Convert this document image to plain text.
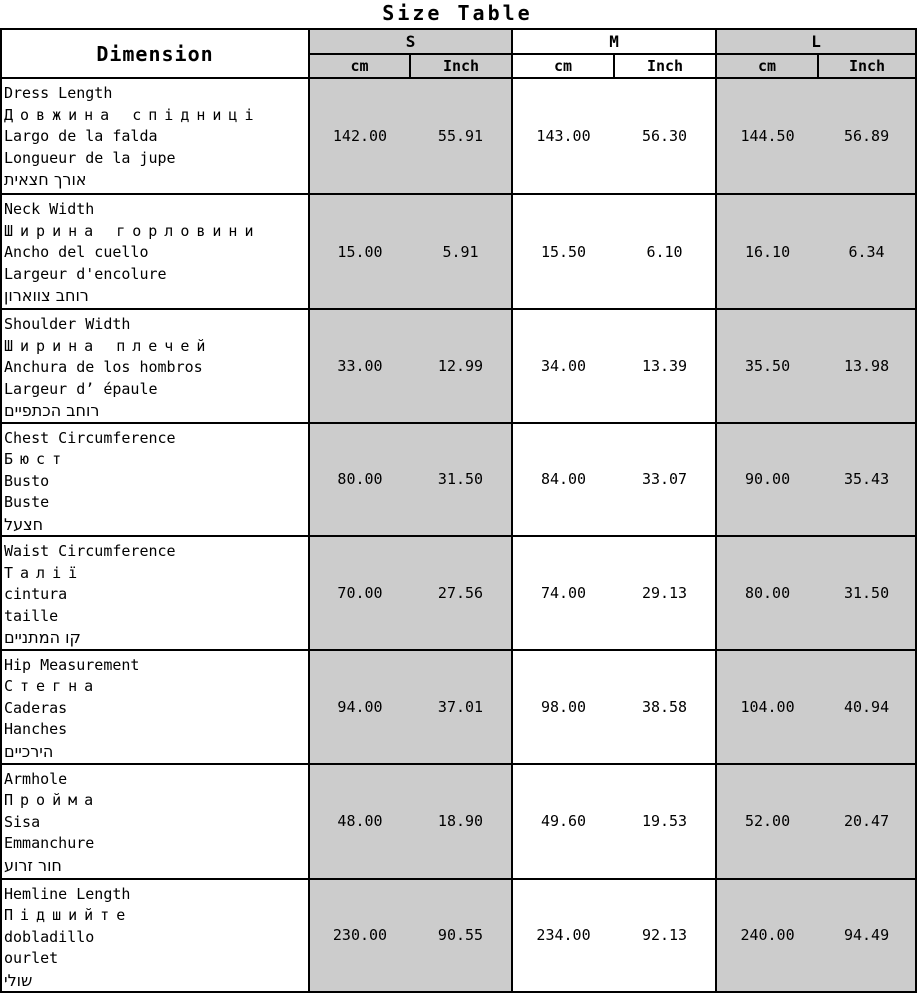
Size Table
Dimension	S		M		L	
	cm	Inch	cm	Inch	cm	Inch

Dress Length
Довжина спідниці
Largo de la falda
Longueur de la jupe
אורך חצאית	142.00	55.91	143.00	56.30	144.50	56.89

Neck Width
Ширина горловини
Ancho del cuello
Largeur d'encolure
רוחב צווארון	15.00	5.91	15.50	6.10	16.10	6.34

Shoulder Width
Ширина плечей
Anchura de los hombros
Largeur d’ épaule
רוחב הכתפיים	33.00	12.99	34.00	13.39	35.50	13.98

Chest Circumference
Бюст
Busto
Buste
חצעל	80.00	31.50	84.00	33.07	90.00	35.43

Waist Circumference
Талії
cintura
taille
קו המתניים	70.00	27.56	74.00	29.13	80.00	31.50

Hip Measurement
Стегна
Caderas
Hanches
הירכיים	94.00	37.01	98.00	38.58	104.00	40.94

Armhole
Пройма
Sisa
Emmanchure
חור זרוע	48.00	18.90	49.60	19.53	52.00	20.47

Hemline Length
Підшийте
dobladillo
ourlet
שולי	230.00	90.55	234.00	92.13	240.00	94.49
